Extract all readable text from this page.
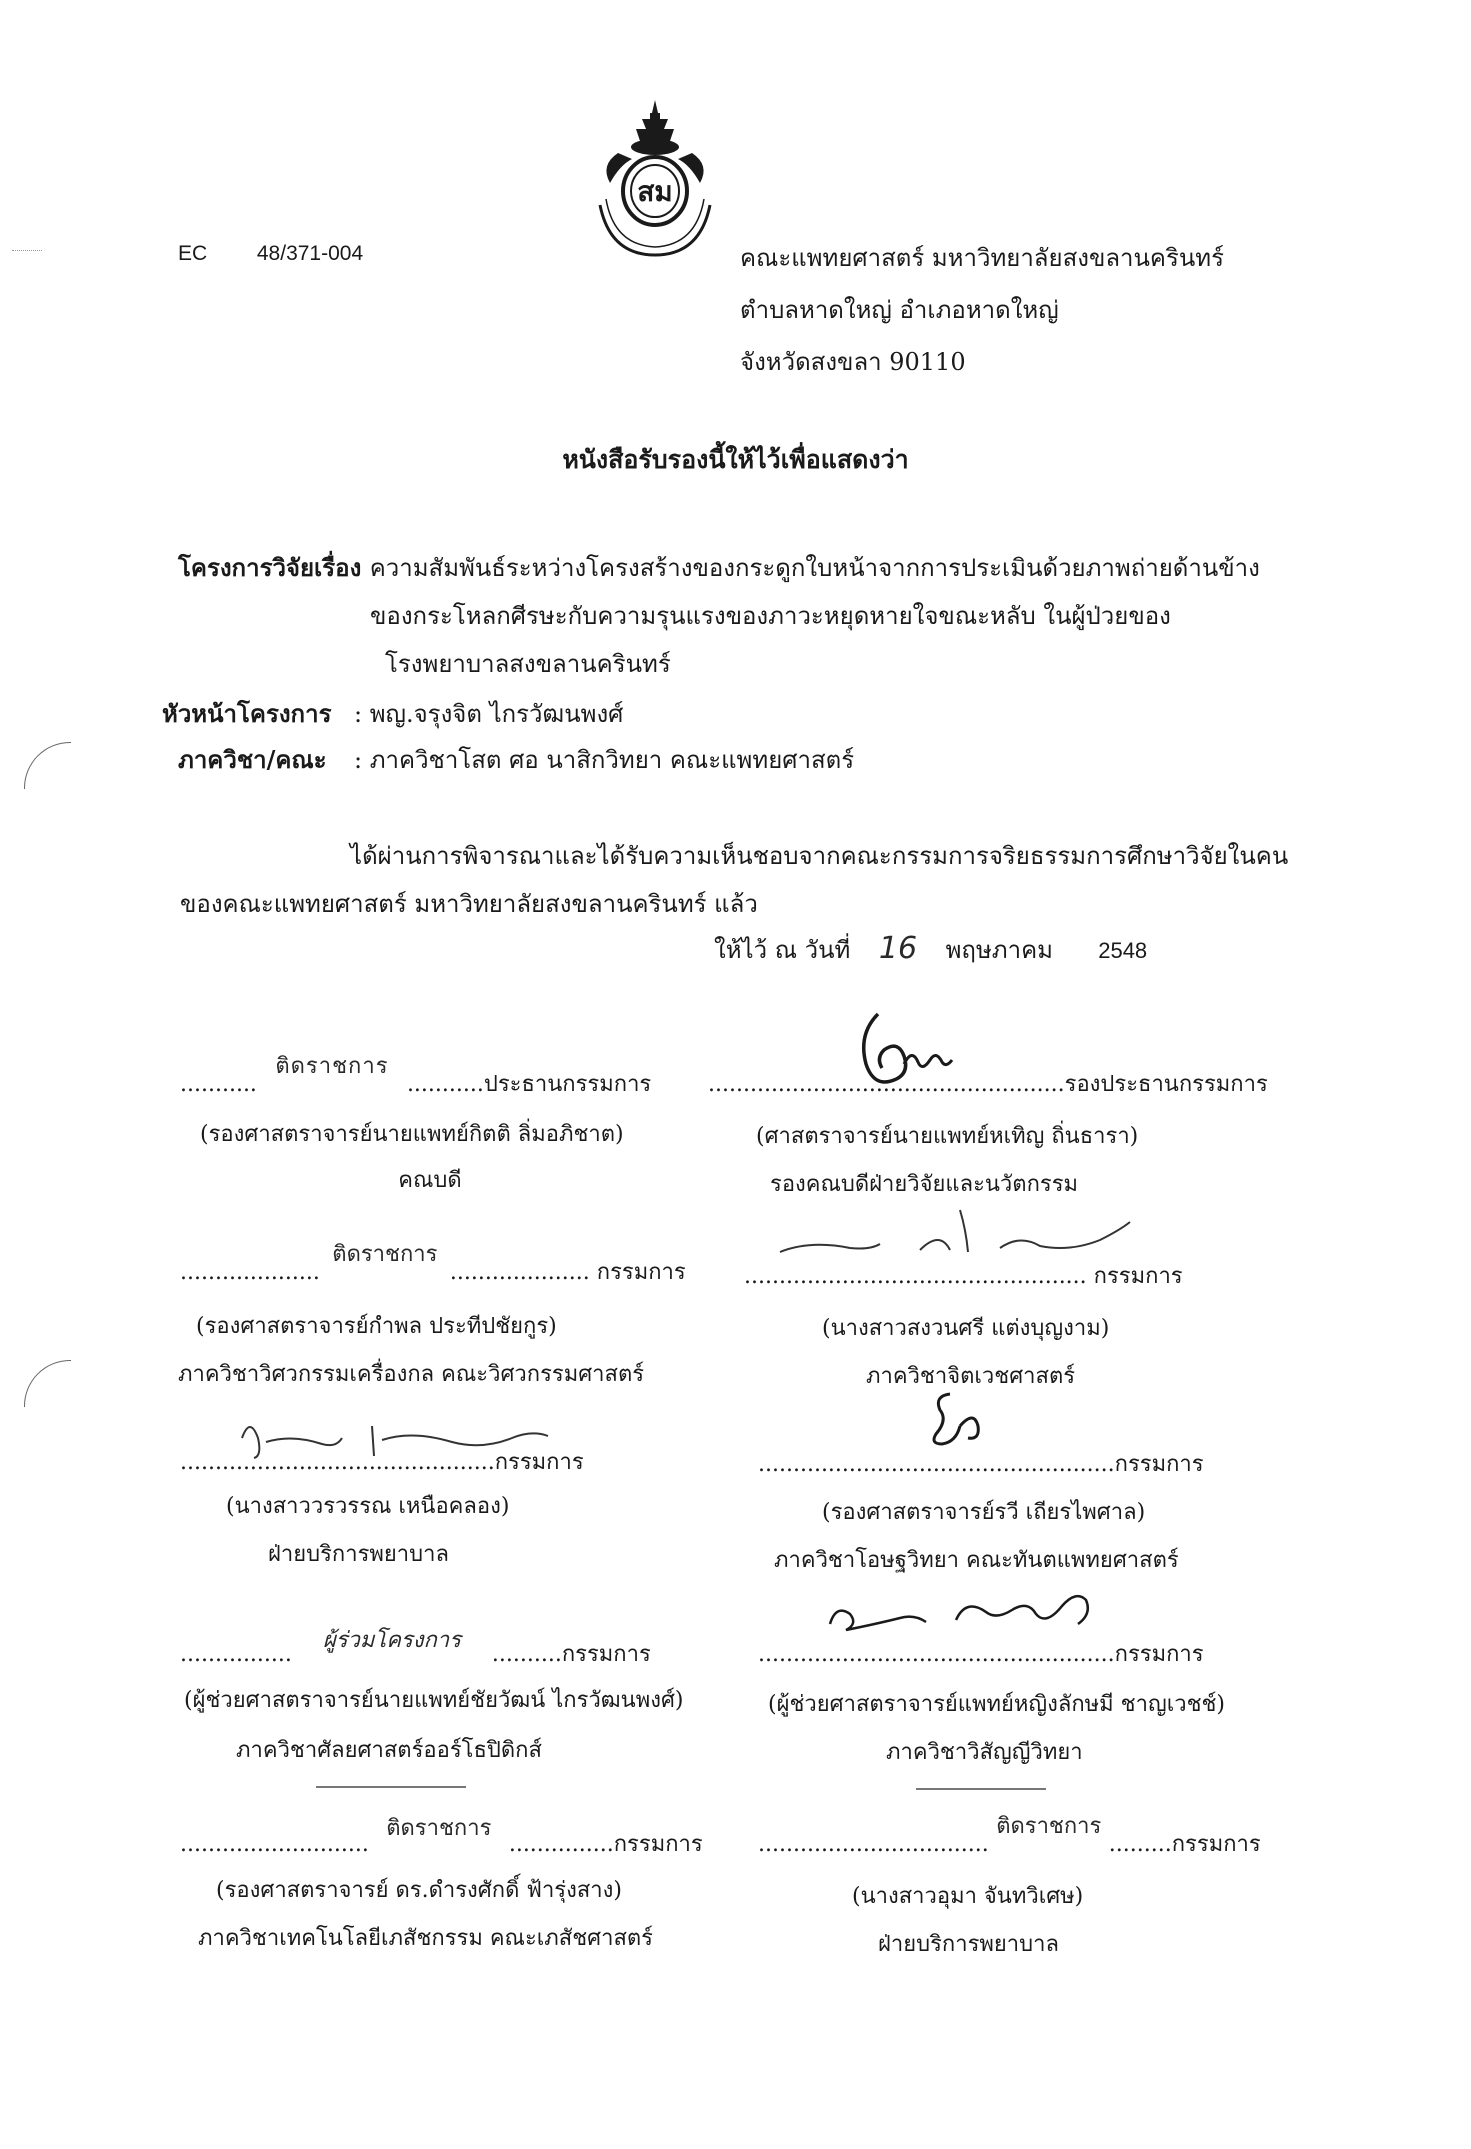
สม
EC 48/371-004	คณะแพทยศาสตร์ มหาวิทยาลัยสงขลานครินทร์
ตำบลหาดใหญ่ อำเภอหาดใหญ่
จังหวัดสงขลา 90110
หนังสือรับรองนี้ให้ไว้เพื่อแสดงว่า
โครงการวิจัยเรื่อง
: ความสัมพันธ์ระหว่างโครงสร้างของกระดูกใบหน้าจากการประเมินด้วยภาพถ่ายด้านข้าง
ของกระโหลกศีรษะกับความรุนแรงของภาวะหยุดหายใจขณะหลับ ในผู้ป่วยของ
โรงพยาบาลสงขลานครินทร์
หัวหน้าโครงการ : พญ.จรุงจิต ไกรวัฒนพงศ์
ภาควิชา/คณะ : ภาควิชาโสต ศอ นาสิกวิทยา คณะแพทยศาสตร์
ได้ผ่านการพิจารณาและได้รับความเห็นชอบจากคณะกรรมการจริยธรรมการศึกษาวิจัยในคน
ของคณะแพทยศาสตร์ มหาวิทยาลัยสงขลานครินทร์ แล้ว
ให้ไว้ ณ วันที่ 16 พฤษภาคม 2548
...........ติดราชการ...........ประธานกรรมการ
(รองศาสตราจารย์นายแพทย์กิตติ ลิ่มอภิชาต)
คณบดี
...................................................รองประธานกรรมการ
(ศาสตราจารย์นายแพทย์หเทิญ ถิ่นธารา)
รองคณบดีฝ่ายวิจัยและนวัตกรรม
....................ติดราชการ.................... กรรมการ
(รองศาสตราจารย์กำพล ประทีปชัยกูร)
ภาควิชาวิศวกรรมเครื่องกล คณะวิศวกรรมศาสตร์
................................................. กรรมการ
(นางสาวสงวนศรี แต่งบุญงาม)
ภาควิชาจิตเวชศาสตร์
.............................................กรรมการ
(นางสาววรวรรณ เหนือคลอง)
ฝ่ายบริการพยาบาล
...................................................กรรมการ
(รองศาสตราจารย์รวี เถียรไพศาล)
ภาควิชาโอษฐวิทยา คณะทันตแพทยศาสตร์
................ผู้ร่วมโครงการ..........กรรมการ
(ผู้ช่วยศาสตราจารย์นายแพทย์ชัยวัฒน์ ไกรวัฒนพงศ์)
ภาควิชาศัลยศาสตร์ออร์โธปิดิกส์
...................................................กรรมการ
(ผู้ช่วยศาสตราจารย์แพทย์หญิงลักษมี ชาญเวชช์)
ภาควิชาวิสัญญีวิทยา
...........................ติดราชการ...............กรรมการ
(รองศาสตราจารย์ ดร.ดำรงศักดิ์ ฟ้ารุ่งสาง)
ภาควิชาเทคโนโลยีเภสัชกรรม คณะเภสัชศาสตร์
.................................ติดราชการ.........กรรมการ
(นางสาวอุมา จันทวิเศษ)
ฝ่ายบริการพยาบาล
